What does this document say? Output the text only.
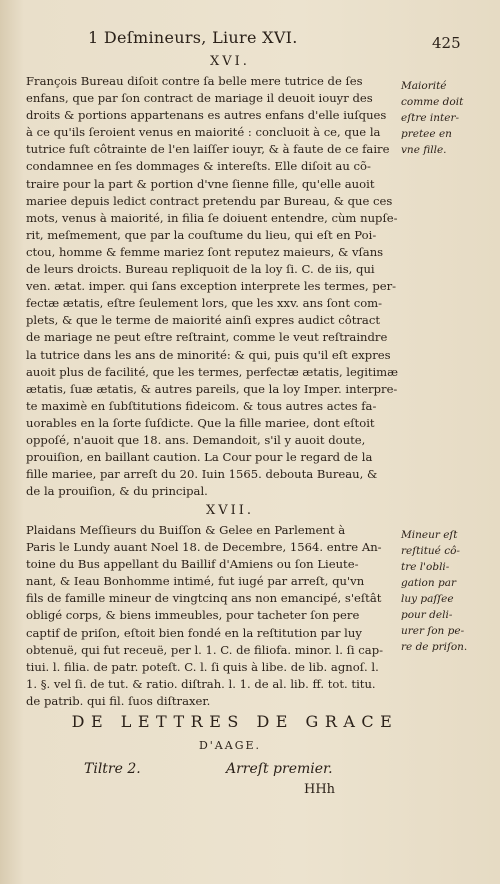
1 Deſmineurs, Liure XVI.	425
XVI.
François Bureau diſoit contre ſa belle mere tutrice de ſes
enfans, que par ſon contract de mariage il deuoit iouyr des
droits & portions appartenans es autres enfans d'elle iuſques
à ce qu'ils ſeroient venus en maiorité : concluoit à ce, que la
tutrice fuſt côtrainte de l'en laiſſer iouyr, & à faute de ce faire
condamnee en ſes dommages & intereſts. Elle diſoit au cõ-
traire pour la part & portion d'vne ſienne fille, qu'elle auoit
mariee depuis ledict contract pretendu par Bureau, & que ces
mots, venus à maiorité, in filia ſe doiuent entendre, cùm nupſe-
rit, meſmement, que par la couſtume du lieu, qui eſt en Poi-
ctou, homme & femme mariez ſont reputez maieurs, & vſans
de leurs droicts. Bureau repliquoit de la loy ſi. C. de iis, qui
ven. ætat. imper. qui ſans exception interprete les termes, per-
fectæ ætatis, eſtre ſeulement lors, que les xxv. ans ſont com-
plets, & que le terme de maiorité ainſi expres audict côtract
de mariage ne peut eſtre reſtraint, comme le veut reſtraindre
la tutrice dans les ans de minorité: & qui, puis qu'il eſt expres
auoit plus de facilité, que les termes, perfectæ ætatis, legitimæ
ætatis, ſuæ ætatis, & autres pareils, que la loy Imper. interpre-
te maximè en ſubſtitutions fideicom. & tous autres actes fa-
uorables en la ſorte ſuſdicte. Que la fille mariee, dont eſtoit
oppoſé, n'auoit que 18. ans. Demandoit, s'il y auoit doute,
prouiſion, en baillant caution. La Cour pour le regard de la
fille mariee, par arreſt du 20. Iuin 1565. debouta Bureau, &
de la prouiſion, & du principal.
Maiorité
comme doit
eſtre inter-
pretee en
vne fille.
XVII.
Plaidans Meſſieurs du Buiſſon & Gelee en Parlement à
Paris le Lundy auant Noel 18. de Decembre, 1564. entre An-
toine du Bus appellant du Baillif d'Amiens ou ſon Lieute-
nant, & Ieau Bonhomme intimé, fut iugé par arreſt, qu'vn
fils de famille mineur de vingtcinq ans non emancipé, s'eſtât
obligé corps, & biens immeubles, pour tacheter ſon pere
captif de priſon, eſtoit bien fondé en la reſtitution par luy
obtenuë, qui fut receuë, per l. 1. C. de filiofa. minor. l. ſi cap-
tiui. l. filia. de patr. poteſt. C. l. ſi quis à libe. de lib. agnoſ. l.
1. §. vel ſi. de tut. & ratio. diſtrah. l. 1. de al. lib. ff. tot. titu.
de patrib. qui fil. ſuos diſtraxer.
Mineur eſt
reſtitué cô-
tre l'obli-
gation par
luy paſſee
pour deli-
urer ſon pe-
re de priſon.
DE LETTRES DE GRACE
D'AAGE.
Tiltre 2.	Arreſt premier.
HHh
